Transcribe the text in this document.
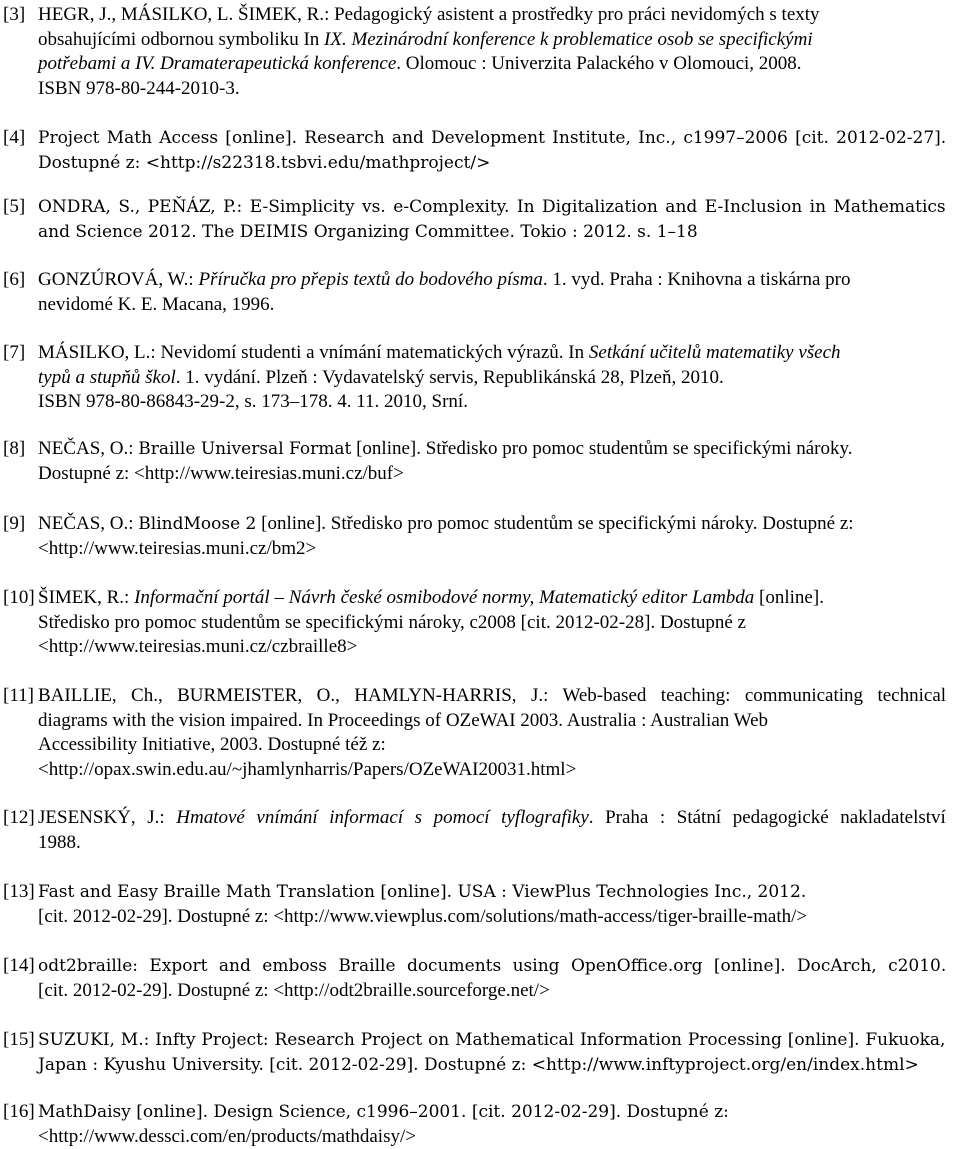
[3] HEGR, J., MÁSILKO, L. ŠIMEK, R.: Pedagogický asistent a prostředky pro práci nevidomých s texty
obsahujícími odbornou symboliku In IX. Mezinárodní konference k problematice osob se specifickými
potřebami a IV. Dramaterapeutická konference. Olomouc : Univerzita Palackého v Olomouci, 2008.
ISBN 978-80-244-2010-3.
[4] Project Math Access [online]. Research and Development Institute, Inc., c1997–2006 [cit. 2012-02-27].
Dostupné z: <http://s22318.tsbvi.edu/mathproject/>
[5] ONDRA, S., PEŇÁZ, P.: E-Simplicity vs. e-Complexity. In Digitalization and E-Inclusion in Mathematics
and Science 2012. The DEIMIS Organizing Committee. Tokio : 2012. s. 1–18
[6] GONZÚROVÁ, W.: Příručka pro přepis textů do bodového písma. 1. vyd. Praha : Knihovna a tiskárna pro
nevidomé K. E. Macana, 1996.
[7] MÁSILKO, L.: Nevidomí studenti a vnímání matematických výrazů. In Setkání učitelů matematiky všech
typů a stupňů škol. 1. vydání. Plzeň : Vydavatelský servis, Republikánská 28, Plzeň, 2010.
ISBN 978-80-86843-29-2, s. 173–178. 4. 11. 2010, Srní.
[8] NEČAS, O.: Braille Universal Format [online]. Středisko pro pomoc studentům se specifickými nároky.
Dostupné z: <http://www.teiresias.muni.cz/buf>
[9] NEČAS, O.: BlindMoose 2 [online]. Středisko pro pomoc studentům se specifickými nároky. Dostupné z:
<http://www.teiresias.muni.cz/bm2>
[10] ŠIMEK, R.: Informační portál – Návrh české osmibodové normy, Matematický editor Lambda [online].
Středisko pro pomoc studentům se specifickými nároky, c2008 [cit. 2012-02-28]. Dostupné z
<http://www.teiresias.muni.cz/czbraille8>
[11] BAILLIE, Ch., BURMEISTER, O., HAMLYN-HARRIS, J.: Web-based teaching: communicating technical
diagrams with the vision impaired. In Proceedings of OZeWAI 2003. Australia : Australian Web
Accessibility Initiative, 2003. Dostupné též z:
<http://opax.swin.edu.au/~jhamlynharris/Papers/OZeWAI20031.html>
[12] JESENSKÝ, J.: Hmatové vnímání informací s pomocí tyflografiky. Praha : Státní pedagogické nakladatelství
1988.
[13] Fast and Easy Braille Math Translation [online]. USA : ViewPlus Technologies Inc., 2012.
[cit. 2012-02-29]. Dostupné z: <http://www.viewplus.com/solutions/math-access/tiger-braille-math/>
[14] odt2braille: Export and emboss Braille documents using OpenOffice.org [online]. DocArch, c2010.
[cit. 2012-02-29]. Dostupné z: <http://odt2braille.sourceforge.net/>
[15] SUZUKI, M.: Infty Project: Research Project on Mathematical Information Processing [online]. Fukuoka,
Japan : Kyushu University. [cit. 2012-02-29]. Dostupné z: <http://www.inftyproject.org/en/index.html>
[16] MathDaisy [online]. Design Science, c1996–2001. [cit. 2012-02-29]. Dostupné z:
<http://www.dessci.com/en/products/mathdaisy/>
